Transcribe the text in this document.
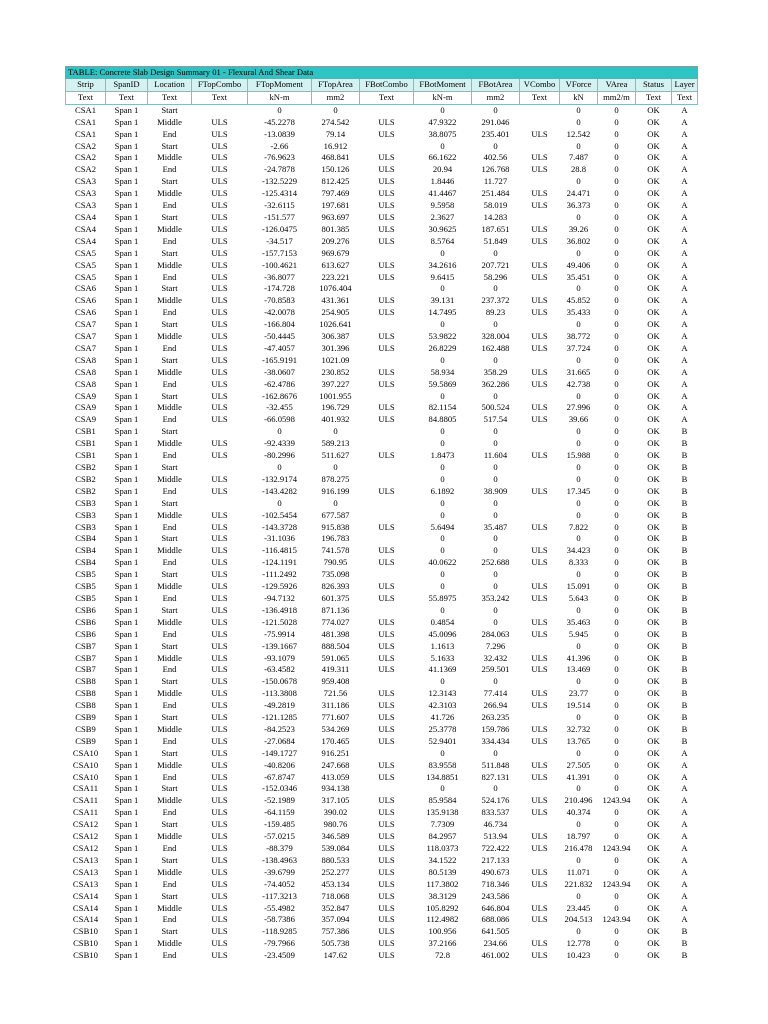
TABLE: Concrete Slab Design Summary 01 - Flexural And Shear Data													
Strip	SpanID	Location	FTopCombo	FTopMoment	FTopArea	FBotCombo	FBotMoment	FBotArea	VCombo	VForce	VArea	Status	Layer
Text	Text	Text	Text	kN-m	mm2	Text	kN-m	mm2	Text	kN	mm2/m	Text	Text
CSA1	Span 1	Start		0	0		0	0		0	0	OK	A
CSA1	Span 1	Middle	ULS	-45.2278	274.542	ULS	47.9322	291.046		0	0	OK	A
CSA1	Span 1	End	ULS	-13.0839	79.14	ULS	38.8075	235.401	ULS	12.542	0	OK	A
CSA2	Span 1	Start	ULS	-2.66	16.912		0	0		0	0	OK	A
CSA2	Span 1	Middle	ULS	-76.9623	468.841	ULS	66.1622	402.56	ULS	7.487	0	OK	A
CSA2	Span 1	End	ULS	-24.7878	150.126	ULS	20.94	126.768	ULS	28.8	0	OK	A
CSA3	Span 1	Start	ULS	-132.5229	812.425	ULS	1.8446	11.727		0	0	OK	A
CSA3	Span 1	Middle	ULS	-125.4314	797.469	ULS	41.4467	251.484	ULS	24.471	0	OK	A
CSA3	Span 1	End	ULS	-32.6115	197.681	ULS	9.5958	58.019	ULS	36.373	0	OK	A
CSA4	Span 1	Start	ULS	-151.577	963.697	ULS	2.3627	14.283		0	0	OK	A
CSA4	Span 1	Middle	ULS	-126.0475	801.385	ULS	30.9625	187.651	ULS	39.26	0	OK	A
CSA4	Span 1	End	ULS	-34.517	209.276	ULS	8.5764	51.849	ULS	36.802	0	OK	A
CSA5	Span 1	Start	ULS	-157.7153	969.679		0	0		0	0	OK	A
CSA5	Span 1	Middle	ULS	-100.4621	613.627	ULS	34.2616	207.721	ULS	49.406	0	OK	A
CSA5	Span 1	End	ULS	-36.8077	223.221	ULS	9.6415	58.296	ULS	35.451	0	OK	A
CSA6	Span 1	Start	ULS	-174.728	1076.404		0	0		0	0	OK	A
CSA6	Span 1	Middle	ULS	-70.8583	431.361	ULS	39.131	237.372	ULS	45.852	0	OK	A
CSA6	Span 1	End	ULS	-42.0078	254.905	ULS	14.7495	89.23	ULS	35.433	0	OK	A
CSA7	Span 1	Start	ULS	-166.804	1026.641		0	0		0	0	OK	A
CSA7	Span 1	Middle	ULS	-50.4445	306.387	ULS	53.9822	328.004	ULS	38.772	0	OK	A
CSA7	Span 1	End	ULS	-47.4057	301.396	ULS	26.8229	162.488	ULS	37.724	0	OK	A
CSA8	Span 1	Start	ULS	-165.9191	1021.09		0	0		0	0	OK	A
CSA8	Span 1	Middle	ULS	-38.0607	230.852	ULS	58.934	358.29	ULS	31.665	0	OK	A
CSA8	Span 1	End	ULS	-62.4786	397.227	ULS	59.5869	362.286	ULS	42.738	0	OK	A
CSA9	Span 1	Start	ULS	-162.8676	1001.955		0	0		0	0	OK	A
CSA9	Span 1	Middle	ULS	-32.455	196.729	ULS	82.1154	500.524	ULS	27.996	0	OK	A
CSA9	Span 1	End	ULS	-66.0598	401.932	ULS	84.8805	517.54	ULS	39.66	0	OK	A
CSB1	Span 1	Start		0	0		0	0		0	0	OK	B
CSB1	Span 1	Middle	ULS	-92.4339	589.213		0	0		0	0	OK	B
CSB1	Span 1	End	ULS	-80.2996	511.627	ULS	1.8473	11.604	ULS	15.988	0	OK	B
CSB2	Span 1	Start		0	0		0	0		0	0	OK	B
CSB2	Span 1	Middle	ULS	-132.9174	878.275		0	0		0	0	OK	B
CSB2	Span 1	End	ULS	-143.4282	916.199	ULS	6.1892	38.909	ULS	17.345	0	OK	B
CSB3	Span 1	Start		0	0		0	0		0	0	OK	B
CSB3	Span 1	Middle	ULS	-102.5454	677.587		0	0		0	0	OK	B
CSB3	Span 1	End	ULS	-143.3728	915.838	ULS	5.6494	35.487	ULS	7.822	0	OK	B
CSB4	Span 1	Start	ULS	-31.1036	196.783		0	0		0	0	OK	B
CSB4	Span 1	Middle	ULS	-116.4815	741.578	ULS	0	0	ULS	34.423	0	OK	B
CSB4	Span 1	End	ULS	-124.1191	790.95	ULS	40.0622	252.688	ULS	8.333	0	OK	B
CSB5	Span 1	Start	ULS	-111.2492	735.098		0	0		0	0	OK	B
CSB5	Span 1	Middle	ULS	-129.5926	826.393	ULS	0	0	ULS	15.091	0	OK	B
CSB5	Span 1	End	ULS	-94.7132	601.375	ULS	55.8975	353.242	ULS	5.643	0	OK	B
CSB6	Span 1	Start	ULS	-136.4918	871.136		0	0		0	0	OK	B
CSB6	Span 1	Middle	ULS	-121.5028	774.027	ULS	0.4854	0	ULS	35.463	0	OK	B
CSB6	Span 1	End	ULS	-75.9914	481.398	ULS	45.0096	284.063	ULS	5.945	0	OK	B
CSB7	Span 1	Start	ULS	-139.1667	888.504	ULS	1.1613	7.296		0	0	OK	B
CSB7	Span 1	Middle	ULS	-93.1079	591.065	ULS	5.1633	32.432	ULS	41.396	0	OK	B
CSB7	Span 1	End	ULS	-63.4582	419.311	ULS	41.1369	259.501	ULS	13.469	0	OK	B
CSB8	Span 1	Start	ULS	-150.0678	959.408		0	0		0	0	OK	B
CSB8	Span 1	Middle	ULS	-113.3808	721.56	ULS	12.3143	77.414	ULS	23.77	0	OK	B
CSB8	Span 1	End	ULS	-49.2819	311.186	ULS	42.3103	266.94	ULS	19.514	0	OK	B
CSB9	Span 1	Start	ULS	-121.1285	771.607	ULS	41.726	263.235		0	0	OK	B
CSB9	Span 1	Middle	ULS	-84.2523	534.269	ULS	25.3778	159.786	ULS	32.732	0	OK	B
CSB9	Span 1	End	ULS	-27.0684	170.465	ULS	52.9401	334.434	ULS	13.765	0	OK	B
CSA10	Span 1	Start	ULS	-149.1727	916.251		0	0		0	0	OK	A
CSA10	Span 1	Middle	ULS	-40.8206	247.668	ULS	83.9558	511.848	ULS	27.505	0	OK	A
CSA10	Span 1	End	ULS	-67.8747	413.059	ULS	134.8851	827.131	ULS	41.391	0	OK	A
CSA11	Span 1	Start	ULS	-152.0346	934.138		0	0		0	0	OK	A
CSA11	Span 1	Middle	ULS	-52.1989	317.105	ULS	85.9584	524.176	ULS	210.496	1243.94	OK	A
CSA11	Span 1	End	ULS	-64.1159	390.02	ULS	135.9138	833.537	ULS	40.374	0	OK	A
CSA12	Span 1	Start	ULS	-159.485	980.76	ULS	7.7309	46.734		0	0	OK	A
CSA12	Span 1	Middle	ULS	-57.0215	346.589	ULS	84.2957	513.94	ULS	18.797	0	OK	A
CSA12	Span 1	End	ULS	-88.379	539.084	ULS	118.0373	722.422	ULS	216.478	1243.94	OK	A
CSA13	Span 1	Start	ULS	-138.4963	880.533	ULS	34.1522	217.133		0	0	OK	A
CSA13	Span 1	Middle	ULS	-39.6799	252.277	ULS	80.5139	490.673	ULS	11.071	0	OK	A
CSA13	Span 1	End	ULS	-74.4052	453.134	ULS	117.3802	718.346	ULS	221.832	1243.94	OK	A
CSA14	Span 1	Start	ULS	-117.3213	718.068	ULS	38.3129	243.586		0	0	OK	A
CSA14	Span 1	Middle	ULS	-55.4982	352.847	ULS	105.8292	646.804	ULS	23.445	0	OK	A
CSA14	Span 1	End	ULS	-58.7386	357.094	ULS	112.4982	688.086	ULS	204.513	1243.94	OK	A
CSB10	Span 1	Start	ULS	-118.9285	757.386	ULS	100.956	641.505		0	0	OK	B
CSB10	Span 1	Middle	ULS	-79.7966	505.738	ULS	37.2166	234.66	ULS	12.778	0	OK	B
CSB10	Span 1	End	ULS	-23.4509	147.62	ULS	72.8	461.002	ULS	10.423	0	OK	B
